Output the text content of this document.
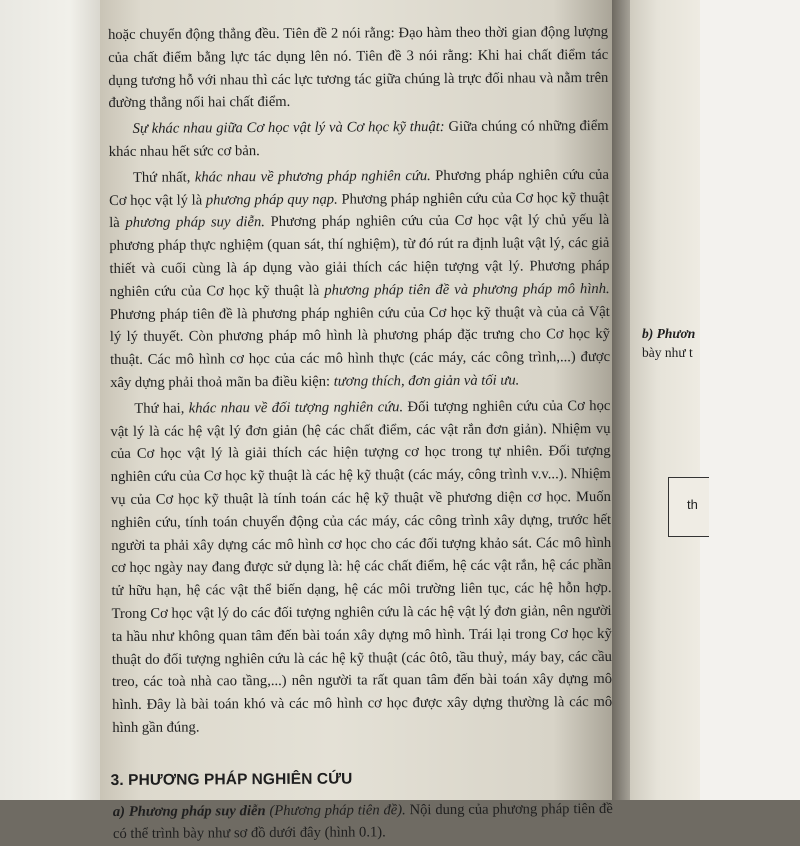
hoặc chuyển động thẳng đều. Tiên đề 2 nói rằng: Đạo hàm theo thời gian động lượng của chất điểm bằng lực tác dụng lên nó. Tiên đề 3 nói rằng: Khi hai chất điểm tác dụng tương hỗ với nhau thì các lực tương tác giữa chúng là trực đối nhau và nằm trên đường thẳng nối hai chất điểm.

Sự khác nhau giữa Cơ học vật lý và Cơ học kỹ thuật: Giữa chúng có những điểm khác nhau hết sức cơ bản.

Thứ nhất, khác nhau về phương pháp nghiên cứu. Phương pháp nghiên cứu của Cơ học vật lý là phương pháp quy nạp. Phương pháp nghiên cứu của Cơ học kỹ thuật là phương pháp suy diễn. Phương pháp nghiên cứu của Cơ học vật lý chủ yếu là phương pháp thực nghiệm (quan sát, thí nghiệm), từ đó rút ra định luật vật lý, các giả thiết và cuối cùng là áp dụng vào giải thích các hiện tượng vật lý. Phương pháp nghiên cứu của Cơ học kỹ thuật là phương pháp tiên đề và phương pháp mô hình. Phương pháp tiên đề là phương pháp nghiên cứu của Cơ học kỹ thuật và của cả Vật lý lý thuyết. Còn phương pháp mô hình là phương pháp đặc trưng cho Cơ học kỹ thuật. Các mô hình cơ học của các mô hình thực (các máy, các công trình,...) được xây dựng phải thoả mãn ba điều kiện: tương thích, đơn giản và tối ưu.

Thứ hai, khác nhau về đối tượng nghiên cứu. Đối tượng nghiên cứu của Cơ học vật lý là các hệ vật lý đơn giản (hệ các chất điểm, các vật rắn đơn giản). Nhiệm vụ của Cơ học vật lý là giải thích các hiện tượng cơ học trong tự nhiên. Đối tượng nghiên cứu của Cơ học kỹ thuật là các hệ kỹ thuật (các máy, công trình v.v...). Nhiệm vụ của Cơ học kỹ thuật là tính toán các hệ kỹ thuật về phương diện cơ học. Muốn nghiên cứu, tính toán chuyển động của các máy, các công trình xây dựng, trước hết người ta phải xây dựng các mô hình cơ học cho các đối tượng khảo sát. Các mô hình cơ học ngày nay đang được sử dụng là: hệ các chất điểm, hệ các vật rắn, hệ các phần tử hữu hạn, hệ các vật thể biến dạng, hệ các môi trường liên tục, các hệ hỗn hợp. Trong Cơ học vật lý do các đối tượng nghiên cứu là các hệ vật lý đơn giản, nên người ta hầu như không quan tâm đến bài toán xây dựng mô hình. Trái lại trong Cơ học kỹ thuật do đối tượng nghiên cứu là các hệ kỹ thuật (các ôtô, tầu thuỷ, máy bay, các cầu treo, các toà nhà cao tầng,...) nên người ta rất quan tâm đến bài toán xây dựng mô hình. Đây là bài toán khó và các mô hình cơ học được xây dựng thường là các mô hình gần đúng.

3. PHƯƠNG PHÁP NGHIÊN CỨU

a) Phương pháp suy diễn (Phương pháp tiên đề). Nội dung của phương pháp tiên đề có thể trình bày như sơ đồ dưới đây (hình 0.1).

b) Phươn
bày như t
th
